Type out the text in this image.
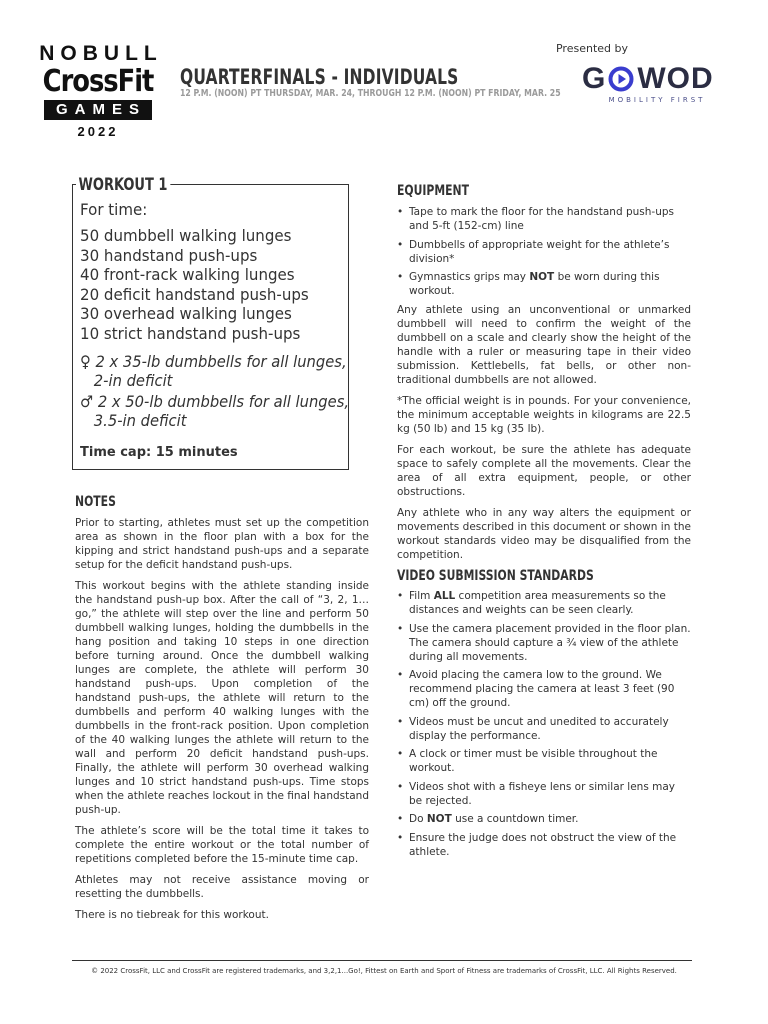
NOBULL
CrossFit
GAMES
2022
QUARTERFINALS - INDIVIDUALS
12 P.M. (NOON) PT THURSDAY, MAR. 24, THROUGH 12 P.M. (NOON) PT FRIDAY, MAR. 25
Presented by
G WOD
MOBILITY FIRST
WORKOUT 1
For time:
50 dumbbell walking lunges
30 handstand push-ups
40 front-rack walking lunges
20 deficit handstand push-ups
30 overhead walking lunges
10 strict handstand push-ups
♀ 2 x 35-lb dumbbells for all lunges,
2-in deficit
♂ 2 x 50-lb dumbbells for all lunges,
3.5-in deficit
Time cap: 15 minutes
NOTES

Prior to starting, athletes must set up the competition area as shown in the floor plan with a box for the kipping and strict handstand push-ups and a separate setup for the deficit handstand push-ups.

This workout begins with the athlete standing inside the handstand push-up box. After the call of “3, 2, 1… go,” the athlete will step over the line and perform 50 dumbbell walking lunges, holding the dumbbells in the hang position and taking 10 steps in one direction before turning around. Once the dumbbell walking lunges are complete, the athlete will perform 30 handstand push-ups. Upon completion of the handstand push-ups, the athlete will return to the dumbbells and perform 40 walking lunges with the dumbbells in the front-rack position. Upon completion of the 40 walking lunges the athlete will return to the wall and perform 20 deficit handstand push-ups. Finally, the athlete will perform 30 overhead walking lunges and 10 strict handstand push-ups. Time stops when the athlete reaches lockout in the final handstand push-up.

The athlete’s score will be the total time it takes to complete the entire workout or the total number of repetitions completed before the 15-minute time cap.

Athletes may not receive assistance moving or resetting the dumbbells.

There is no tiebreak for this workout.

EQUIPMENT
• Tape to mark the floor for the handstand push-ups and 5-ft (152-cm) line
• Dumbbells of appropriate weight for the athlete’s division*
• Gymnastics grips may NOT be worn during this workout.

Any athlete using an unconventional or unmarked dumbbell will need to confirm the weight of the dumbbell on a scale and clearly show the height of the handle with a ruler or measuring tape in their video submission. Kettlebells, fat bells, or other non-traditional dumbbells are not allowed.

*The official weight is in pounds. For your convenience, the minimum acceptable weights in kilograms are 22.5 kg (50 lb) and 15 kg (35 lb).

For each workout, be sure the athlete has adequate space to safely complete all the movements. Clear the area of all extra equipment, people, or other obstructions.

Any athlete who in any way alters the equipment or movements described in this document or shown in the workout standards video may be disqualified from the competition.

VIDEO SUBMISSION STANDARDS
• Film ALL competition area measurements so the distances and weights can be seen clearly.
• Use the camera placement provided in the floor plan. The camera should capture a ¾ view of the athlete during all movements.
• Avoid placing the camera low to the ground. We recommend placing the camera at least 3 feet (90 cm) off the ground.
• Videos must be uncut and unedited to accurately display the performance.
• A clock or timer must be visible throughout the workout.
• Videos shot with a fisheye lens or similar lens may be rejected.
• Do NOT use a countdown timer.
• Ensure the judge does not obstruct the view of the athlete.
© 2022 CrossFit, LLC and CrossFit are registered trademarks, and 3,2,1...Go!, Fittest on Earth and Sport of Fitness are trademarks of CrossFit, LLC. All Rights Reserved.
